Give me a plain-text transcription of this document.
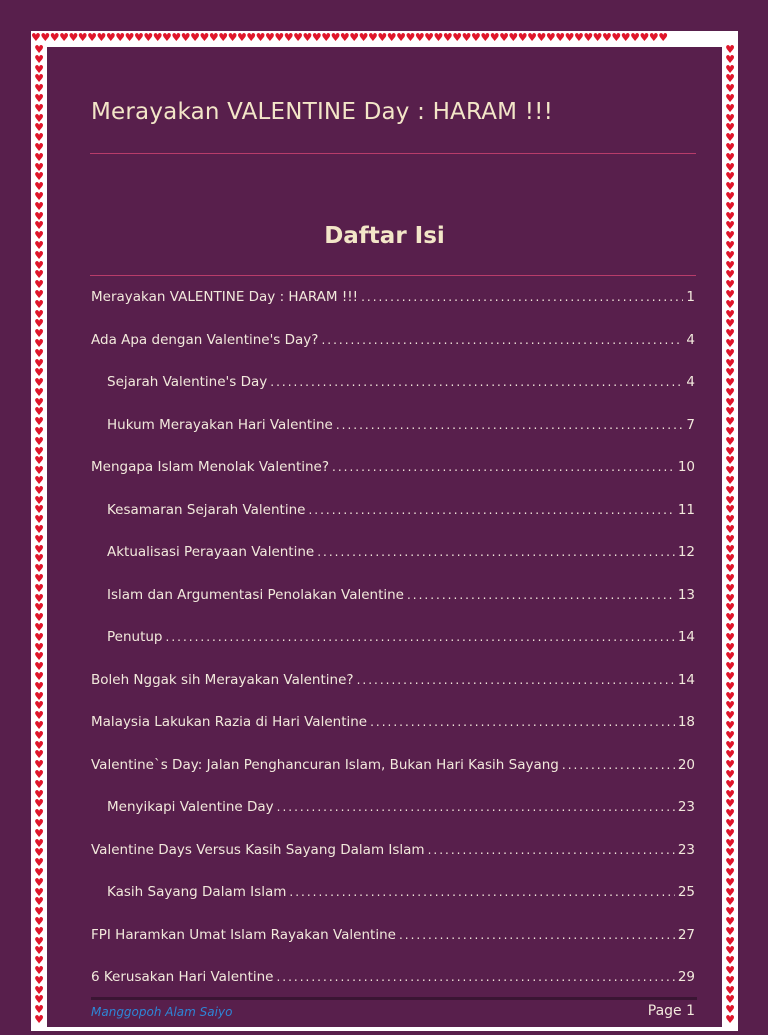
♥♥♥♥♥♥♥♥♥♥♥♥♥♥♥♥♥♥♥♥♥♥♥♥♥♥♥♥♥♥♥♥♥♥♥♥♥♥♥♥♥♥♥♥♥♥♥♥♥♥♥♥♥♥♥♥♥♥♥♥♥♥♥♥♥♥♥♥
♥♥♥♥♥♥♥♥♥♥♥♥♥♥♥♥♥♥♥♥♥♥♥♥♥♥♥♥♥♥♥♥♥♥♥♥♥♥♥♥♥♥♥♥♥♥♥♥♥♥♥♥♥♥♥♥♥♥♥♥♥♥♥♥♥♥♥♥♥♥♥♥♥♥♥♥♥♥♥♥♥♥♥♥♥♥♥♥♥♥♥♥♥♥♥♥♥♥♥♥
♥♥♥♥♥♥♥♥♥♥♥♥♥♥♥♥♥♥♥♥♥♥♥♥♥♥♥♥♥♥♥♥♥♥♥♥♥♥♥♥♥♥♥♥♥♥♥♥♥♥♥♥♥♥♥♥♥♥♥♥♥♥♥♥♥♥♥♥♥♥♥♥♥♥♥♥♥♥♥♥♥♥♥♥♥♥♥♥♥♥♥♥♥♥♥♥♥♥♥♥
Merayakan VALENTINE Day : HARAM !!!
Daftar Isi
Merayakan VALENTINE Day : HARAM !!! .....	1
Ada Apa dengan Valentine's Day? .....	4
Sejarah Valentine's Day .....	4
Hukum Merayakan Hari Valentine .....	7
Mengapa Islam Menolak Valentine? .....	10
Kesamaran Sejarah Valentine .....	11
Aktualisasi Perayaan Valentine .....	12
Islam dan Argumentasi Penolakan Valentine .....	13
Penutup .....	14
Boleh Nggak sih Merayakan Valentine? .....	14
Malaysia Lakukan Razia di Hari Valentine .....	18
Valentine`s Day: Jalan Penghancuran Islam, Bukan Hari Kasih Sayang .....	20
Menyikapi Valentine Day .....	23
Valentine Days Versus Kasih Sayang Dalam Islam .....	23
Kasih Sayang Dalam Islam .....	25
FPI Haramkan Umat Islam Rayakan Valentine .....	27
6 Kerusakan Hari Valentine .....	29
Manggopoh Alam Saiyo	Page 1
